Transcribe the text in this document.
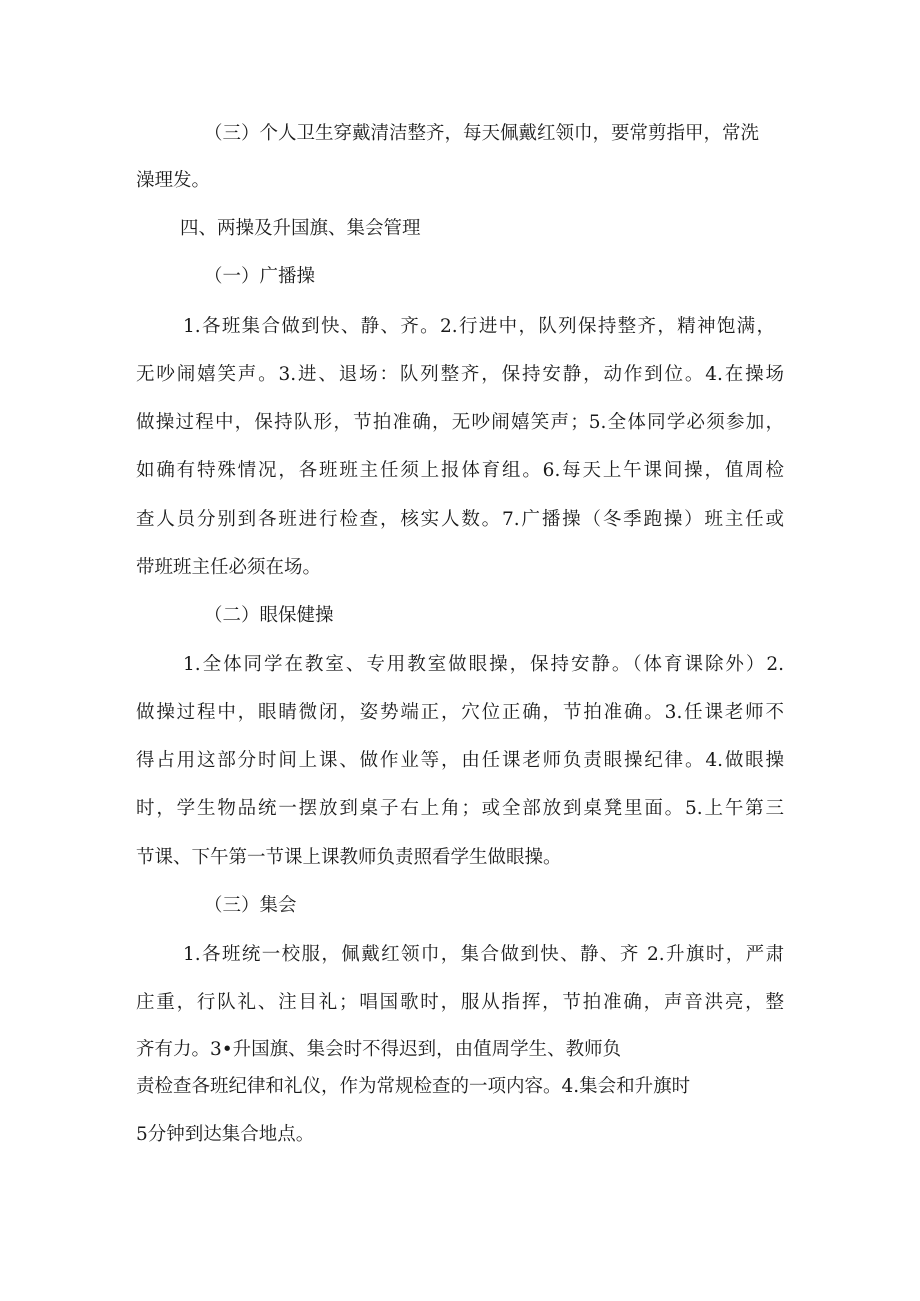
（三）个人卫生穿戴清洁整齐，每天佩戴红领巾，要常剪指甲，常洗
澡理发。
四、两操及升国旗、集会管理
（一）广播操
1.各班集合做到快、静、齐。2.行进中，队列保持整齐，精神饱满，
无吵闹嬉笑声。3.进、退场：队列整齐，保持安静，动作到位。4.在操场
做操过程中，保持队形，节拍准确，无吵闹嬉笑声；5.全体同学必须参加，
如确有特殊情况，各班班主任须上报体育组。6.每天上午课间操，值周检
查人员分别到各班进行检查，核实人数。7.广播操（冬季跑操）班主任或
带班班主任必须在场。
（二）眼保健操
1.全体同学在教室、专用教室做眼操，保持安静。（体育课除外）2.
做操过程中，眼睛微闭，姿势端正，穴位正确，节拍准确。3.任课老师不
得占用这部分时间上课、做作业等，由任课老师负责眼操纪律。4.做眼操
时，学生物品统一摆放到桌子右上角；或全部放到桌凳里面。5.上午第三
节课、下午第一节课上课教师负责照看学生做眼操。
（三）集会
1.各班统一校服，佩戴红领巾，集合做到快、静、齐 2.升旗时，严肃
庄重，行队礼、注目礼；唱国歌时，服从指挥，节拍准确，声音洪亮，整
齐有力。3•升国旗、集会时不得迟到，由值周学生、教师负
责检查各班纪律和礼仪，作为常规检查的一项内容。4.集会和升旗时
5分钟到达集合地点。
